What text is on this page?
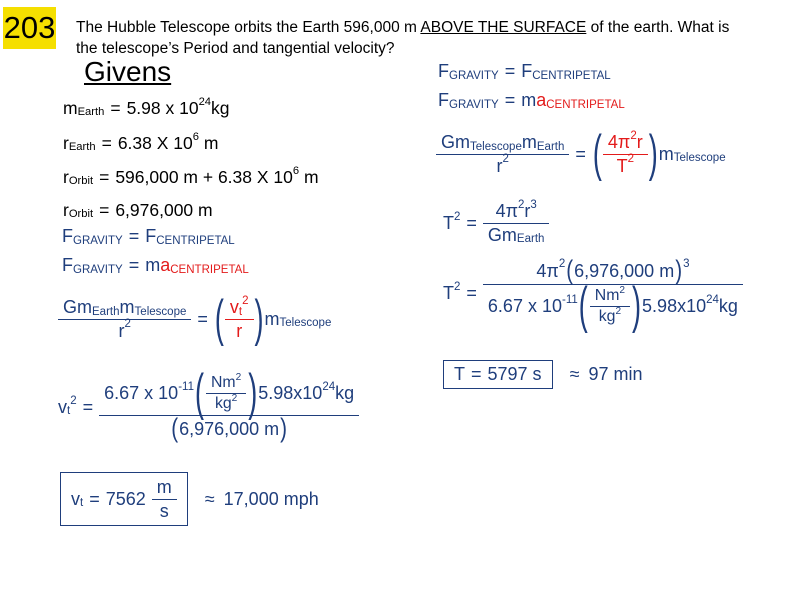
203 The Hubble Telescope orbits the Earth 596,000 m ABOVE THE SURFACE of the earth. What is the telescope’s Period and tangential velocity?

Givens
m Earth = 5.98 x 10 24 kg
r Earth = 6.38 X 10 6 m
r Orbit = 596,000 m + 6.38 X 10 6 m
r Orbit = 6,976,000 m
F GRAVITY = F CENTRIPETAL
F GRAVITY = m a CENTRIPETAL
$\frac{\text{Gm Earth m Telescope}}{r 2}$ = ( v t
2
r ) m Telescope
v t
2 =
6.67 x 10 -11 ( $\frac{Nm 2}{kg 2}$ ) 5.98x10 24 kg
( 6,976,000 m )
v $t = 7562 \frac{m}{s} \approx 17,000$ mph
F GRAVITY = F CENTRIPETAL
F GRAVITY = m a CENTRIPETAL
$\frac{\text{Gm Telescope m Earth}}{r 2}$ = ( $\frac{4\pi 2 r}{T 2}$ ) m Telescope
T $2 = \frac{4\pi 2 r 3}{\text{Gm Earth}}$
T 2 =
4π 2 ( 6,976,000 m ) 3
6.67 x 10 -11 ( $\frac{Nm 2}{kg 2}$ ) 5.98x10 24 kg
T = 5797 s ≈ 97 min
